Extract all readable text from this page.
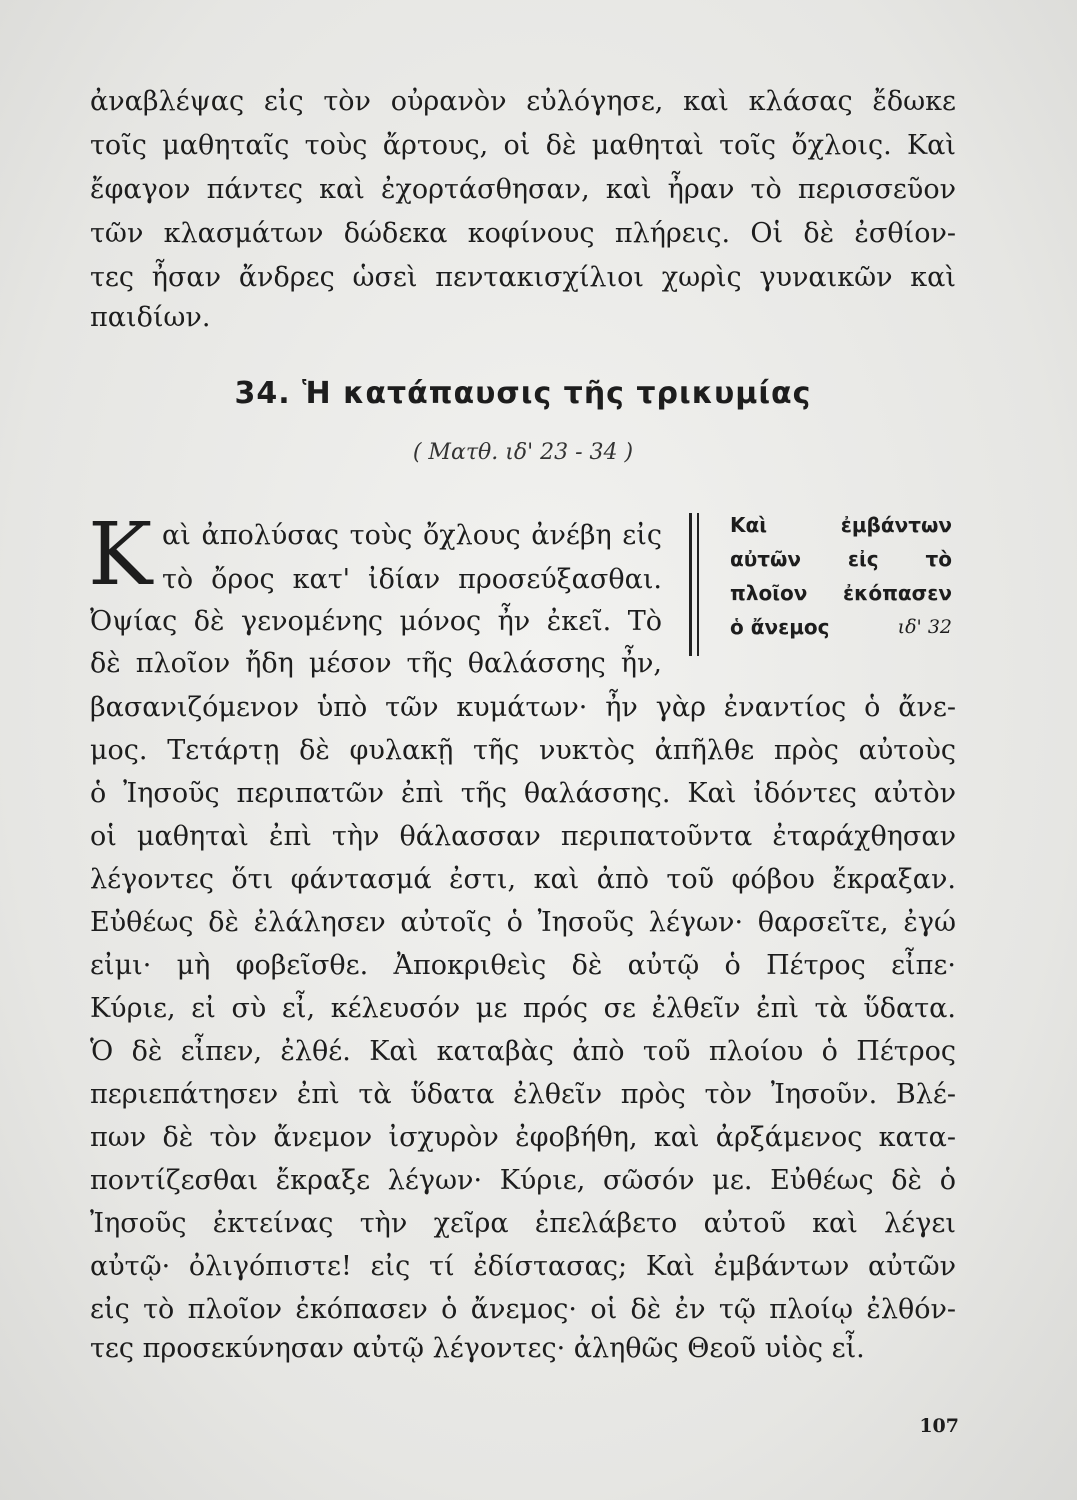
ἀναβλέψας εἰς τὸν οὐρανὸν εὐλόγησε, καὶ κλάσας ἔδωκε
τοῖς μαθηταῖς τοὺς ἄρτους, οἱ δὲ μαθηταὶ τοῖς ὄχλοις. Καὶ
ἔφαγον πάντες καὶ ἐχορτάσθησαν, καὶ ἦραν τὸ περισσεῦον
τῶν κλασμάτων δώδεκα κοφίνους πλήρεις. Οἱ δὲ ἐσθίον-
τες ἦσαν ἄνδρες ὡσεὶ πεντακισχίλιοι χωρὶς γυναικῶν καὶ
παιδίων.
34. Ἡ κατάπαυσις τῆς τρικυμίας
( Ματθ. ιδ' 23 - 34 )
Κ αὶ ἀπολύσας τοὺς ὄχλους ἀνέβη εἰς
τὸ ὄρος κατ' ἰδίαν προσεύξασθαι.
Ὀψίας δὲ γενομένης μόνος ἦν ἐκεῖ. Τὸ
δὲ πλοῖον ἤδη μέσον τῆς θαλάσσης ἦν,
Καὶ ἐμβάντων
αὐτῶν εἰς τὸ
πλοῖον ἐκόπασεν
ὁ ἄνεμος	ιδ' 32
βασανιζόμενον ὑπὸ τῶν κυμάτων· ἦν γὰρ ἐναντίος ὁ ἄνε-
μος. Τετάρτῃ δὲ φυλακῇ τῆς νυκτὸς ἀπῆλθε πρὸς αὐτοὺς
ὁ Ἰησοῦς περιπατῶν ἐπὶ τῆς θαλάσσης. Καὶ ἰδόντες αὐτὸν
οἱ μαθηταὶ ἐπὶ τὴν θάλασσαν περιπατοῦντα ἐταράχθησαν
λέγοντες ὅτι φάντασμά ἐστι, καὶ ἀπὸ τοῦ φόβου ἔκραξαν.
Εὐθέως δὲ ἐλάλησεν αὐτοῖς ὁ Ἰησοῦς λέγων· θαρσεῖτε, ἐγώ
εἰμι· μὴ φοβεῖσθε. Ἀποκριθεὶς δὲ αὐτῷ ὁ Πέτρος εἶπε·
Κύριε, εἰ σὺ εἶ, κέλευσόν με πρός σε ἐλθεῖν ἐπὶ τὰ ὕδατα.
Ὁ δὲ εἶπεν, ἐλθέ. Καὶ καταβὰς ἀπὸ τοῦ πλοίου ὁ Πέτρος
περιεπάτησεν ἐπὶ τὰ ὕδατα ἐλθεῖν πρὸς τὸν Ἰησοῦν. Βλέ-
πων δὲ τὸν ἄνεμον ἰσχυρὸν ἐφοβήθη, καὶ ἀρξάμενος κατα-
ποντίζεσθαι ἔκραξε λέγων· Κύριε, σῶσόν με. Εὐθέως δὲ ὁ
Ἰησοῦς ἐκτείνας τὴν χεῖρα ἐπελάβετο αὐτοῦ καὶ λέγει
αὐτῷ· ὀλιγόπιστε! εἰς τί ἐδίστασας; Καὶ ἐμβάντων αὐτῶν
εἰς τὸ πλοῖον ἐκόπασεν ὁ ἄνεμος· οἱ δὲ ἐν τῷ πλοίῳ ἐλθόν-
τες προσεκύνησαν αὐτῷ λέγοντες· ἀληθῶς Θεοῦ υἱὸς εἶ.
107
